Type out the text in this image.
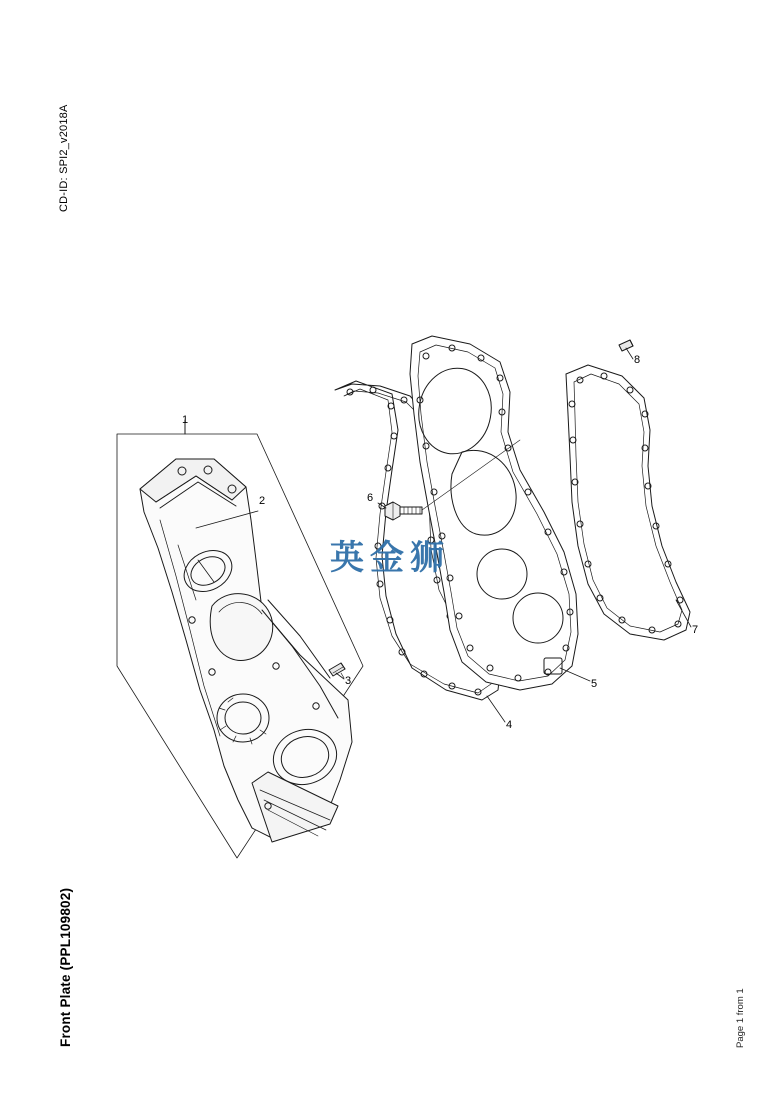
CD-ID: SPI2_v2018A
Front Plate (PPL109802)	Page 1 from 1
1
2
3
4
5
6
7
8
英金狮
